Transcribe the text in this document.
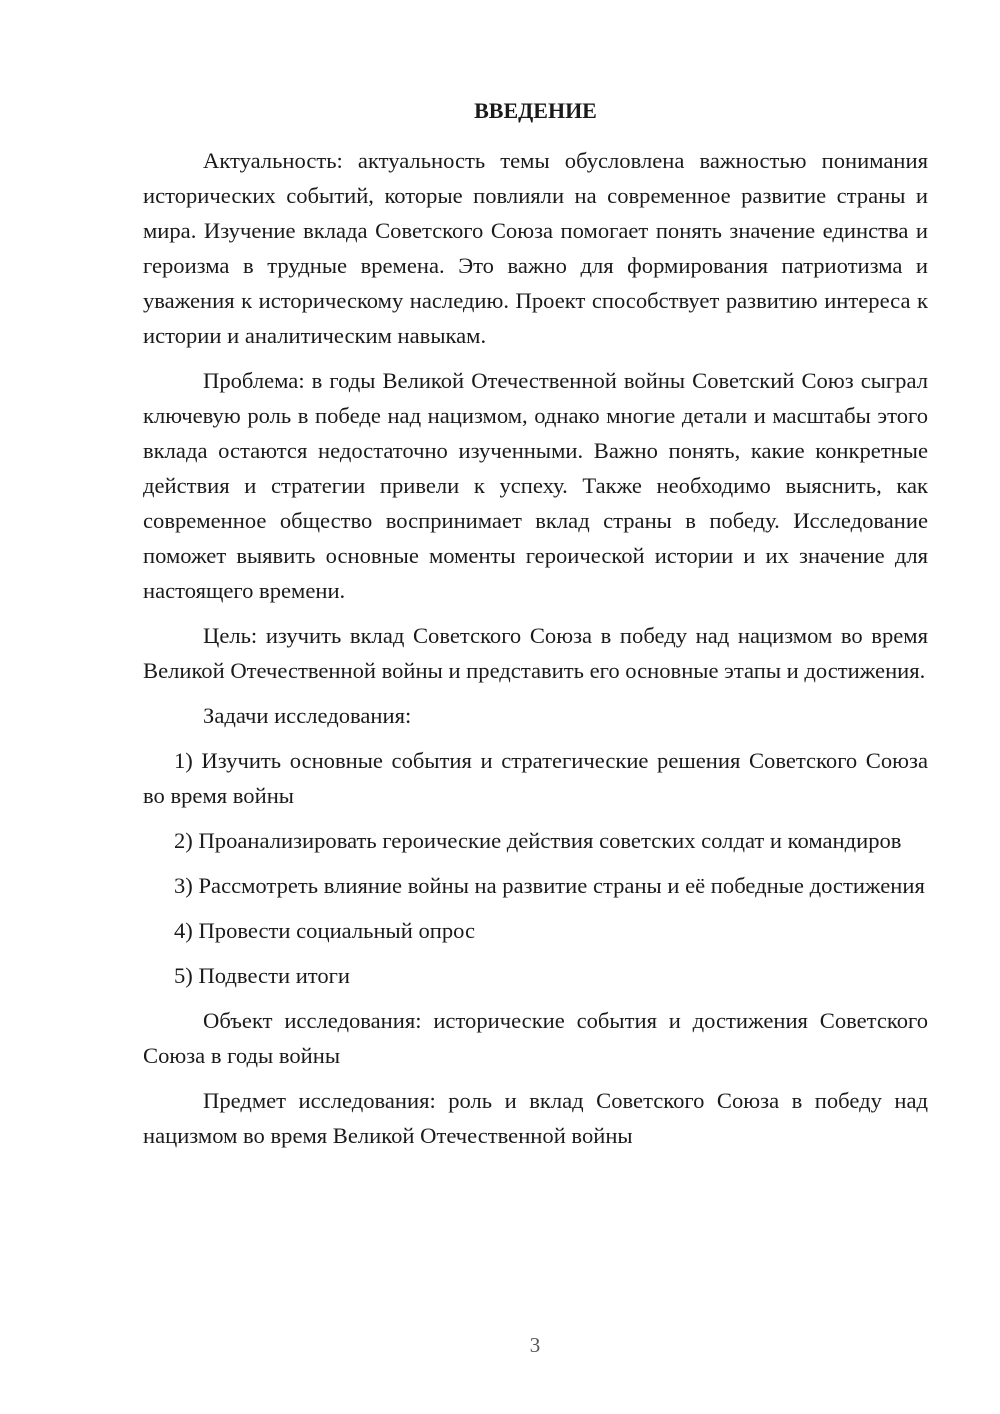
ВВЕДЕНИЕ

Актуальность: актуальность темы обусловлена важностью понимания исторических событий, которые повлияли на современное развитие страны и мира. Изучение вклада Советского Союза помогает понять значение единства и героизма в трудные времена. Это важно для формирования патриотизма и уважения к историческому наследию. Проект способствует развитию интереса к истории и аналитическим навыкам.

Проблема: в годы Великой Отечественной войны Советский Союз сыграл ключевую роль в победе над нацизмом, однако многие детали и масштабы этого вклада остаются недостаточно изученными. Важно понять, какие конкретные действия и стратегии привели к успеху. Также необходимо выяснить, как современное общество воспринимает вклад страны в победу. Исследование поможет выявить основные моменты героической истории и их значение для настоящего времени.

Цель: изучить вклад Советского Союза в победу над нацизмом во время Великой Отечественной войны и представить его основные этапы и достижения.

Задачи исследования:

1) Изучить основные события и стратегические решения Советского Союза во время войны

2) Проанализировать героические действия советских солдат и командиров

3) Рассмотреть влияние войны на развитие страны и её победные достижения

4) Провести социальный опрос

5) Подвести итоги

Объект исследования: исторические события и достижения Советского Союза в годы войны

Предмет исследования: роль и вклад Советского Союза в победу над нацизмом во время Великой Отечественной войны

3
